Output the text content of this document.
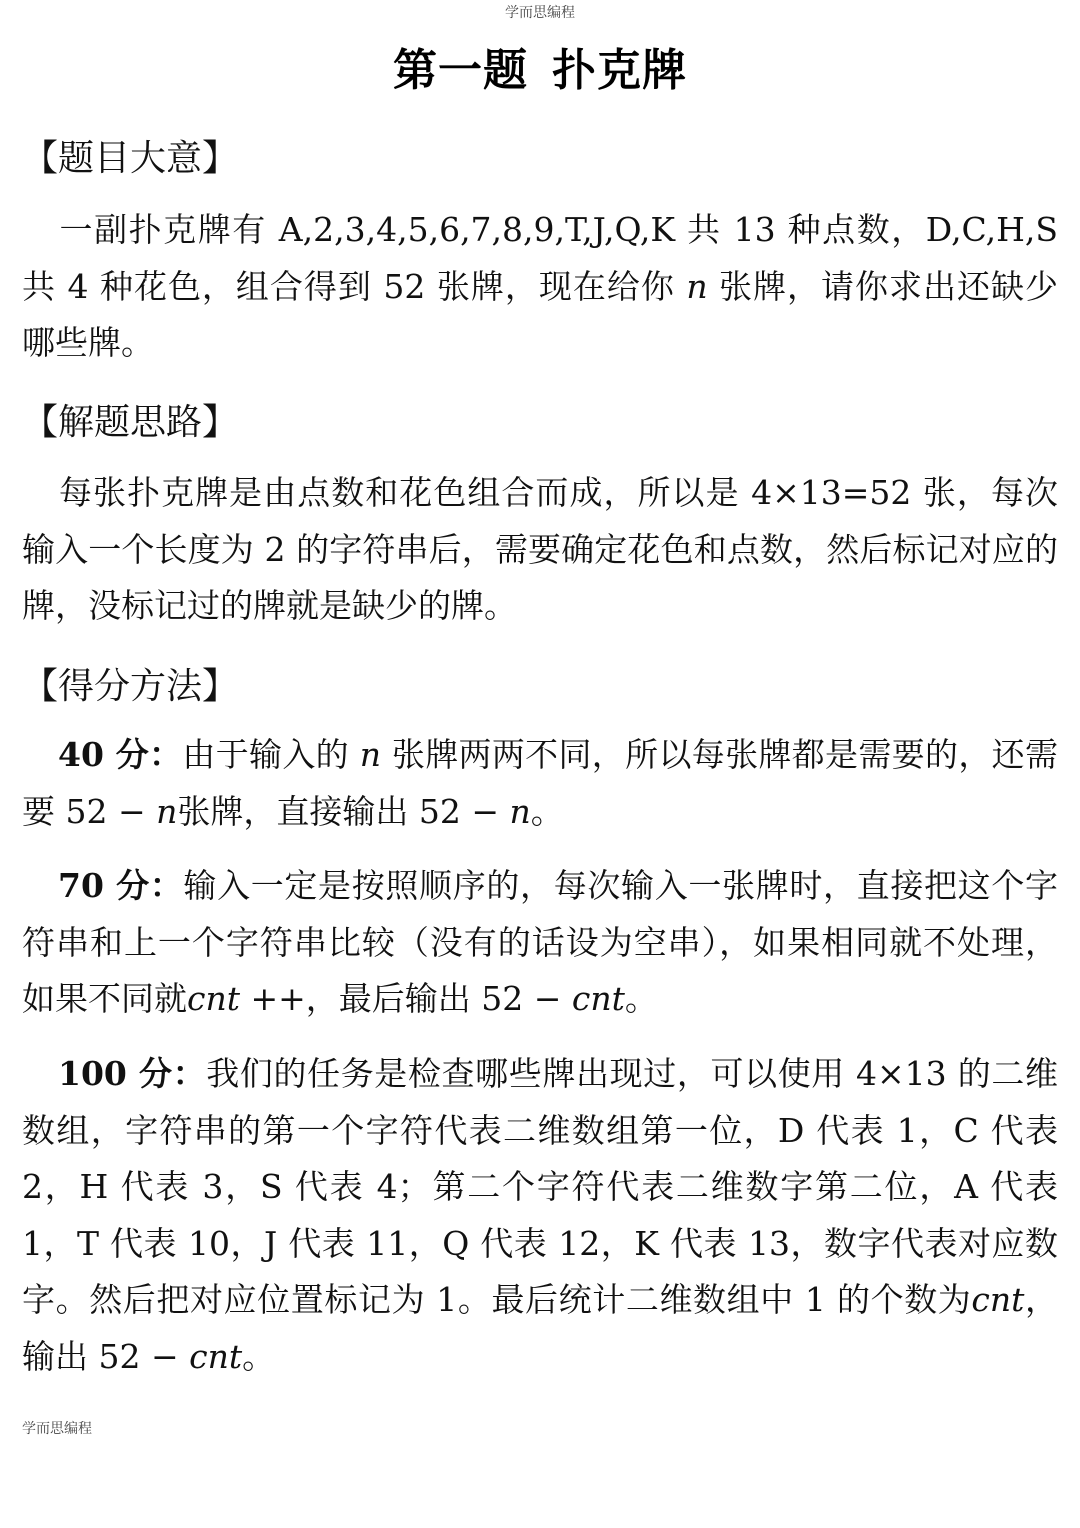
学而思编程
第一题 扑克牌
【题目大意】
一副扑克牌有 A,2,3,4,5,6,7,8,9,T,J,Q,K 共 13 种点数，D,C,H,S 共 4 种花色，组合得到 52 张牌，现在给你 n 张牌，请你求出还缺少哪些牌。
【解题思路】
每张扑克牌是由点数和花色组合而成，所以是 4×13=52 张，每次输入一个长度为 2 的字符串后，需要确定花色和点数，然后标记对应的牌，没标记过的牌就是缺少的牌。
【得分方法】
40 分：由于输入的 n 张牌两两不同，所以每张牌都是需要的，还需要 52 − n张牌，直接输出 52 − n。
70 分：输入一定是按照顺序的，每次输入一张牌时，直接把这个字符串和上一个字符串比较（没有的话设为空串），如果相同就不处理，如果不同就cnt ++，最后输出 52 − cnt。
100 分：我们的任务是检查哪些牌出现过，可以使用 4×13 的二维数组，字符串的第一个字符代表二维数组第一位，D 代表 1，C 代表 2，H 代表 3，S 代表 4；第二个字符代表二维数字第二位，A 代表 1，T 代表 10，J 代表 11，Q 代表 12，K 代表 13，数字代表对应数字。然后把对应位置标记为 1。最后统计二维数组中 1 的个数为cnt，输出 52 − cnt。
学而思编程
